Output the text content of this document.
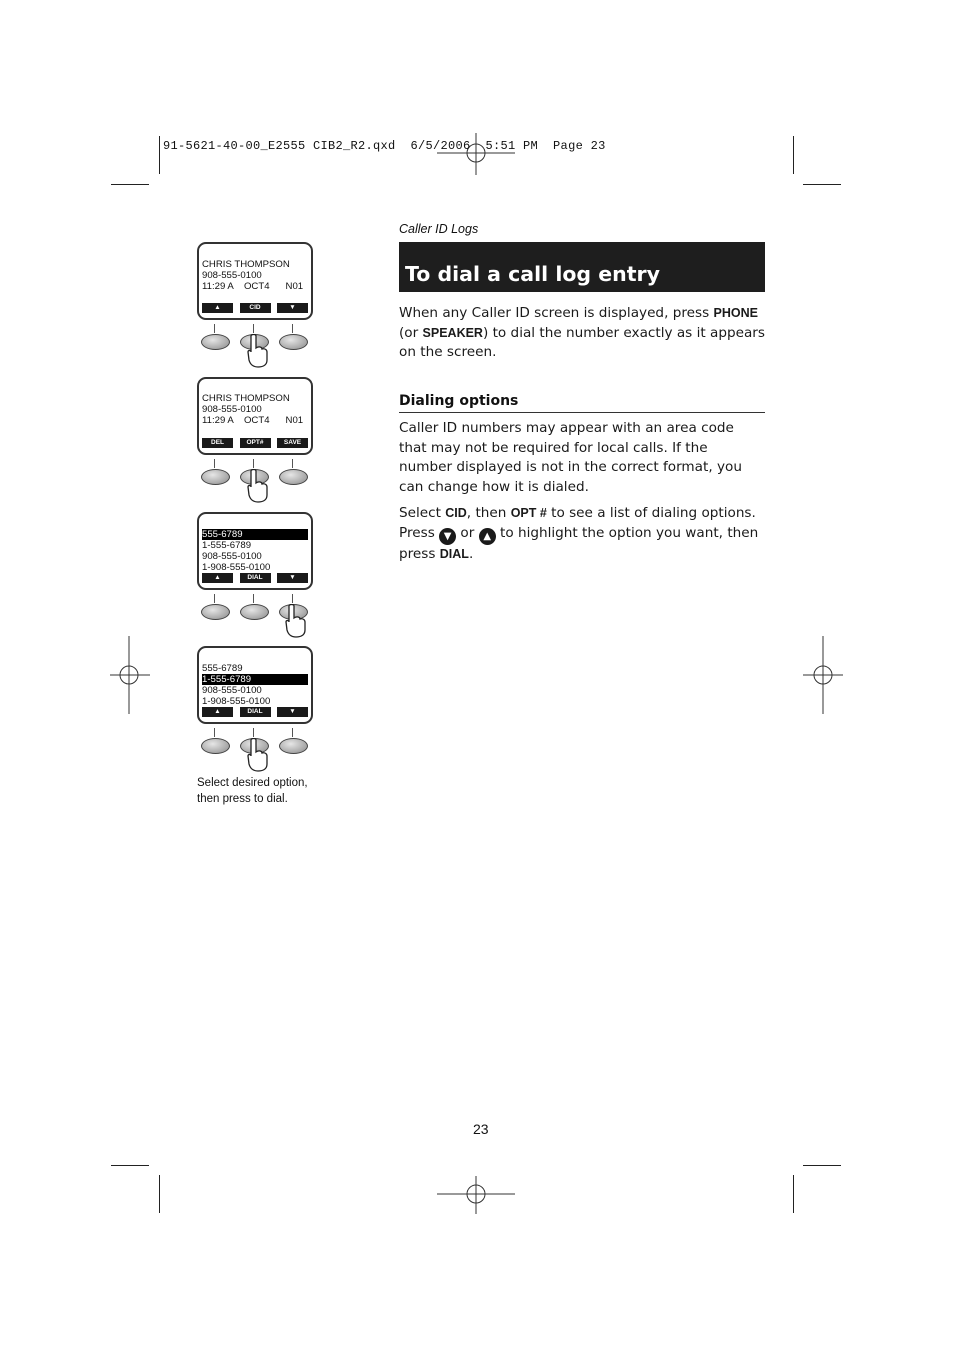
91-5621-40-00_E2555 CIB2_R2.qxd  6/5/2006  5:51 PM  Page 23
Caller ID Logs
To dial a call log entry
When any Caller ID screen is displayed, press PHONE
(or SPEAKER) to dial the number exactly as it appears on the screen.
Dialing options
Caller ID numbers may appear with an area code that may not be required for local calls. If the number displayed is not in the correct format, you can change how it is dialed.
Select CID, then OPT # to see a list of dialing options.
Press ▼ or ▲ to highlight the option you want, then press DIAL.
CHRIS THOMPSON
908-555-0100
11:29 A    OCT4      N01
▲	CID	▼
CHRIS THOMPSON
908-555-0100
11:29 A    OCT4      N01
DEL	OPT#	SAVE
555-6789
1-555-6789
908-555-0100
1-908-555-0100
▲	DIAL	▼
555-6789
1-555-6789
908-555-0100
1-908-555-0100
▲	DIAL	▼
Select desired option,
then press to dial.
23
